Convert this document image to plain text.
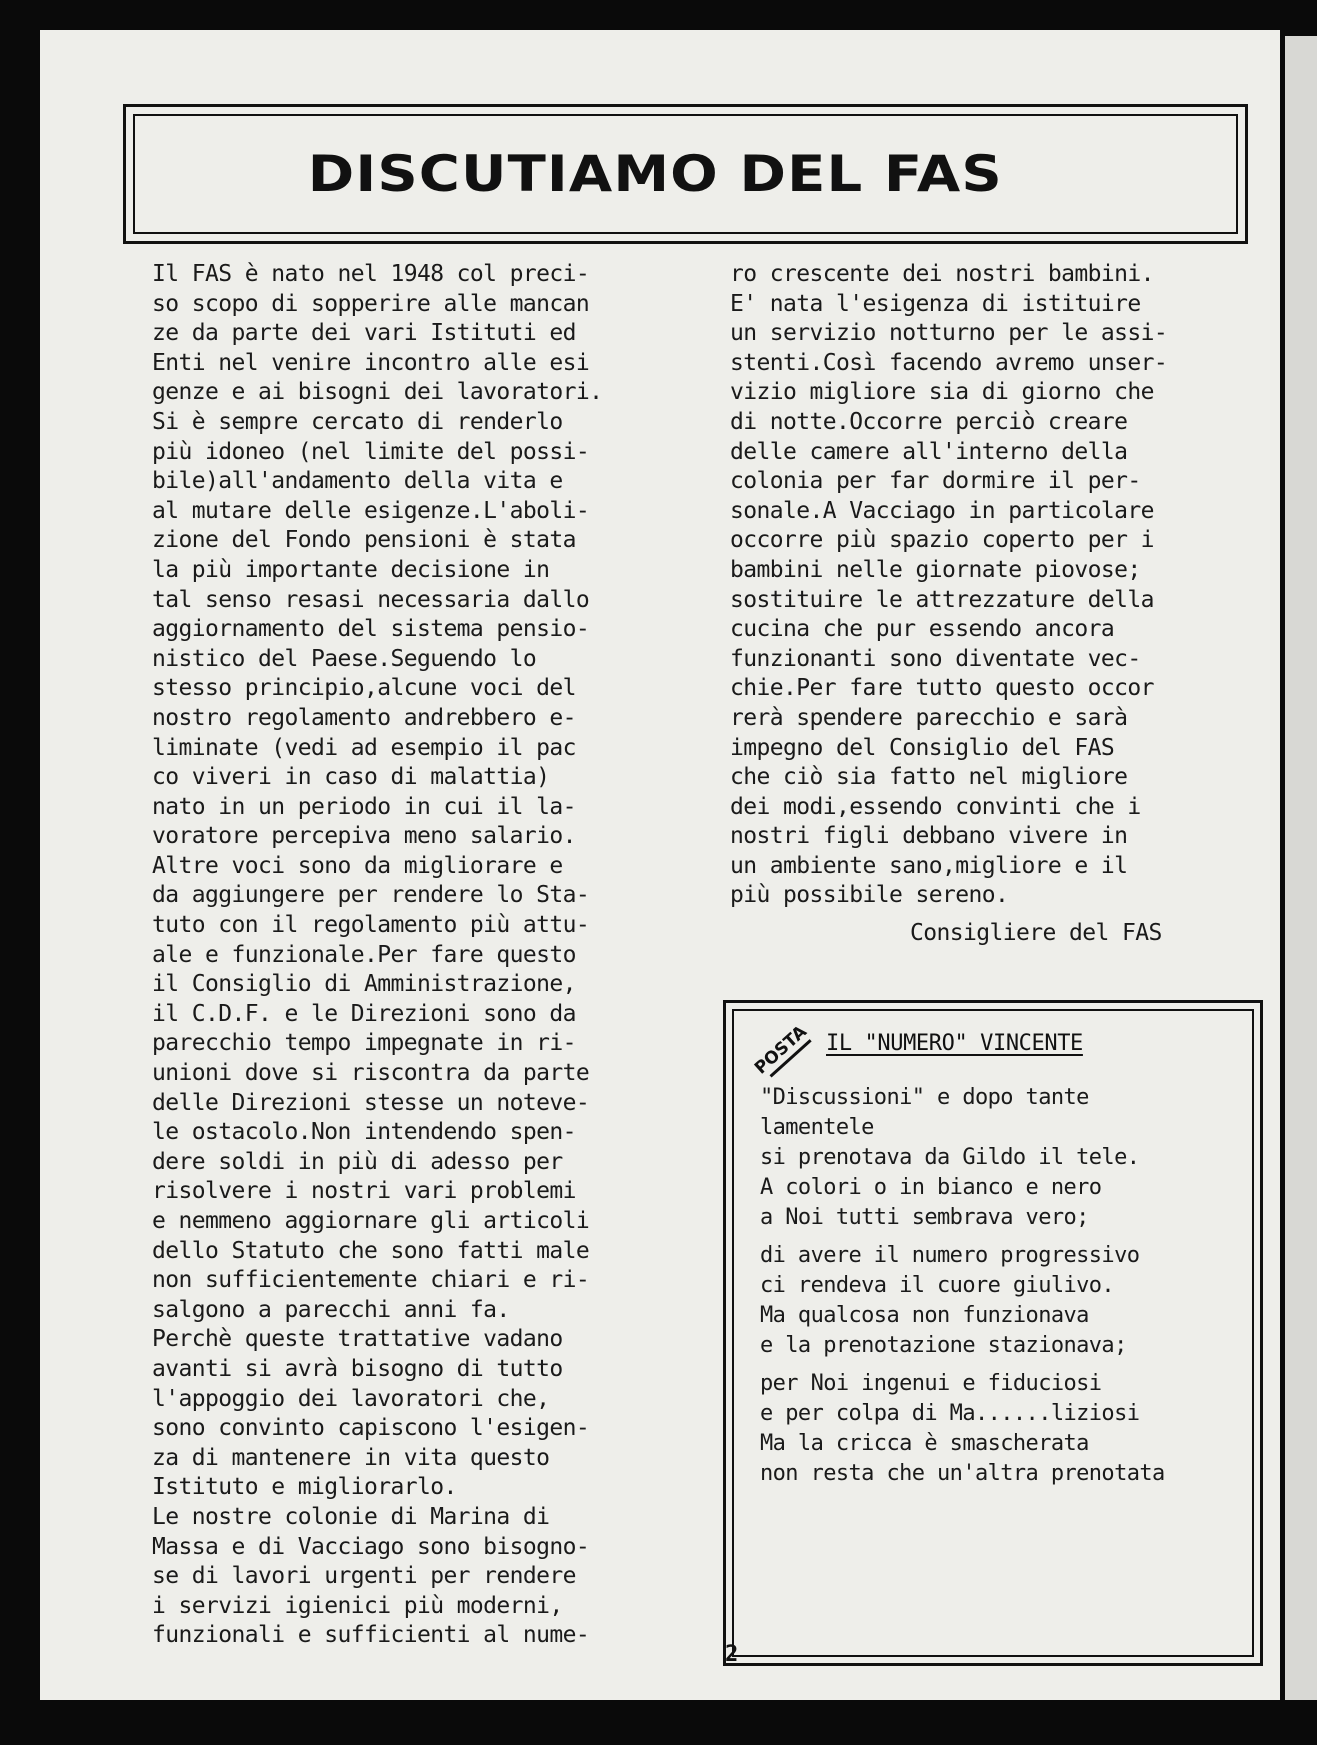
DISCUTIAMO DEL FAS
Il FAS è nato nel 1948 col preci-
so scopo di sopperire alle mancan
ze da parte dei vari Istituti ed
Enti nel venire incontro alle esi
genze e ai bisogni dei lavoratori.
Si è sempre cercato di renderlo
più idoneo (nel limite del possi-
bile)all'andamento della vita e
al mutare delle esigenze.L'aboli-
zione del Fondo pensioni è stata
la più importante decisione in
tal senso resasi necessaria dallo
aggiornamento del sistema pensio-
nistico del Paese.Seguendo lo
stesso principio,alcune voci del
nostro regolamento andrebbero e-
liminate (vedi ad esempio il pac
co viveri in caso di malattia)
nato in un periodo in cui il la-
voratore percepiva meno salario.
Altre voci sono da migliorare e
da aggiungere per rendere lo Sta-
tuto con il regolamento più attu-
ale e funzionale.Per fare questo
il Consiglio di Amministrazione,
il C.D.F. e le Direzioni sono da
parecchio tempo impegnate in ri-
unioni dove si riscontra da parte
delle Direzioni stesse un noteve-
le ostacolo.Non intendendo spen-
dere soldi in più di adesso per
risolvere i nostri vari problemi
e nemmeno aggiornare gli articoli
dello Statuto che sono fatti male
non sufficientemente chiari e ri-
salgono a parecchi anni fa.
Perchè queste trattative vadano
avanti si avrà bisogno di tutto
l'appoggio dei lavoratori che,
sono convinto capiscono l'esigen-
za di mantenere in vita questo
Istituto e migliorarlo.
Le nostre colonie di Marina di
Massa e di Vacciago sono bisogno-
se di lavori urgenti per rendere
i servizi igienici più moderni,
funzionali e sufficienti al nume-
ro crescente dei nostri bambini.
E' nata l'esigenza di istituire
un servizio notturno per le assi-
stenti.Così facendo avremo unser-
vizio migliore sia di giorno che
di notte.Occorre perciò creare
delle camere all'interno della
colonia per far dormire il per-
sonale.A Vacciago in particolare
occorre più spazio coperto per i
bambini nelle giornate piovose;
sostituire le attrezzature della
cucina che pur essendo ancora
funzionanti sono diventate vec-
chie.Per fare tutto questo occor
rerà spendere parecchio e sarà
impegno del Consiglio del FAS
che ciò sia fatto nel migliore
dei modi,essendo convinti che i
nostri figli debbano vivere in
un ambiente sano,migliore e il
più possibile sereno.
Consigliere del FAS
POSTA IL "NUMERO" VINCENTE
"Discussioni" e dopo tante
lamentele
si prenotava da Gildo il tele.
A colori o in bianco e nero
a Noi tutti sembrava vero;

di avere il numero progressivo
ci rendeva il cuore giulivo.
Ma qualcosa non funzionava
e la prenotazione stazionava;

per Noi ingenui e fiduciosi
e per colpa di Ma......liziosi
Ma la cricca è smascherata
non resta che un'altra prenotata
2
